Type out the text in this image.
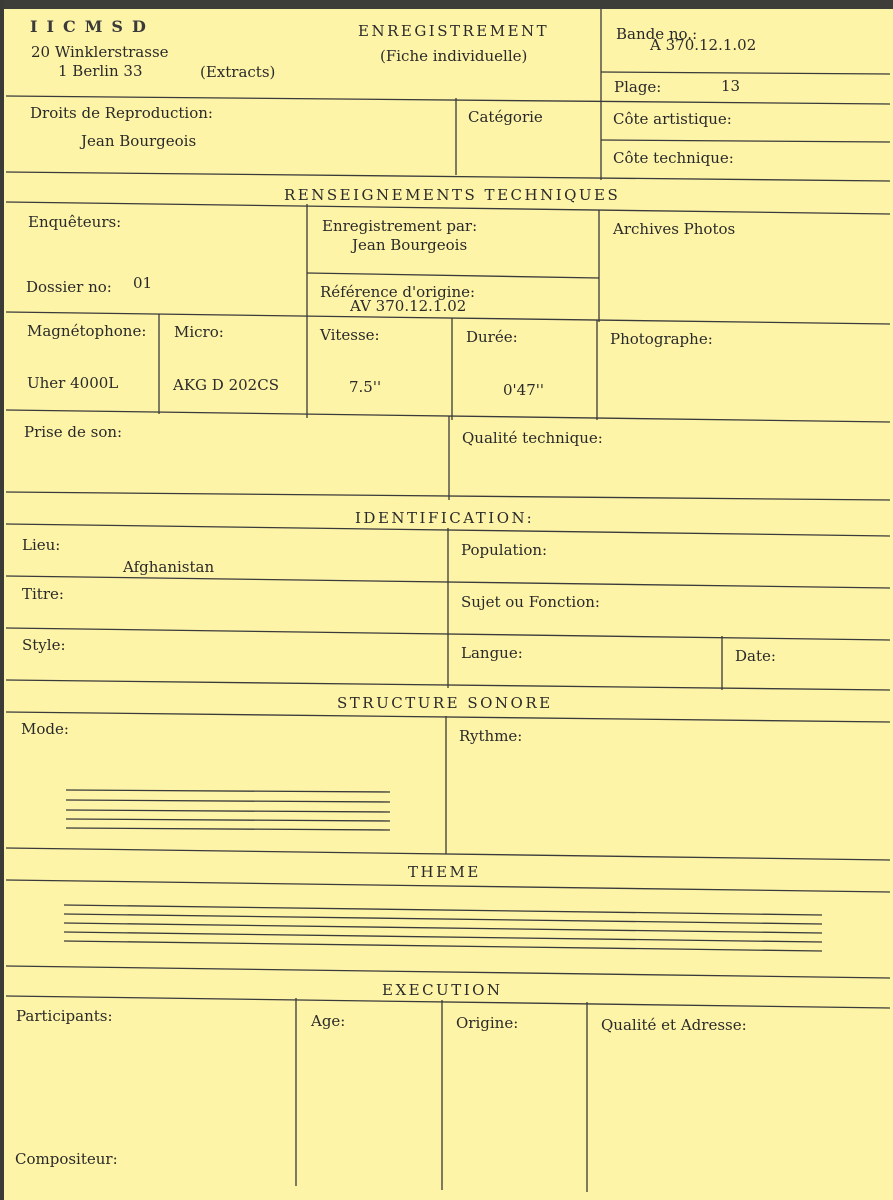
IICMSD
20 Winklerstrasse
1 Berlin 33	(Extracts)
ENREGISTREMENT
(Fiche individuelle)
Bande no.:
A 370.12.1.02
Plage:	13
Droits de Reproduction:
Jean Bourgeois
Catégorie	Côte artistique:
Côte technique:
RENSEIGNEMENTS TECHNIQUES
Enquêteurs:
Dossier no: 01
Enregistrement par:
Jean Bourgeois
Référence d'origine:
AV 370.12.1.02
Archives Photos
Magnétophone:
Uher 4000L
Micro:
AKG D 202CS
Vitesse:
7.5''
Durée:
0'47''
Photographe:
Prise de son:	Qualité technique:
IDENTIFICATION:
Lieu:
Afghanistan
Population:
Titre:	Sujet ou Fonction:
Style:	Langue:	Date:
STRUCTURE SONORE
Mode:	Rythme:
THEME
EXECUTION
Participants:	Age:	Origine:	Qualité et Adresse:
Compositeur:
